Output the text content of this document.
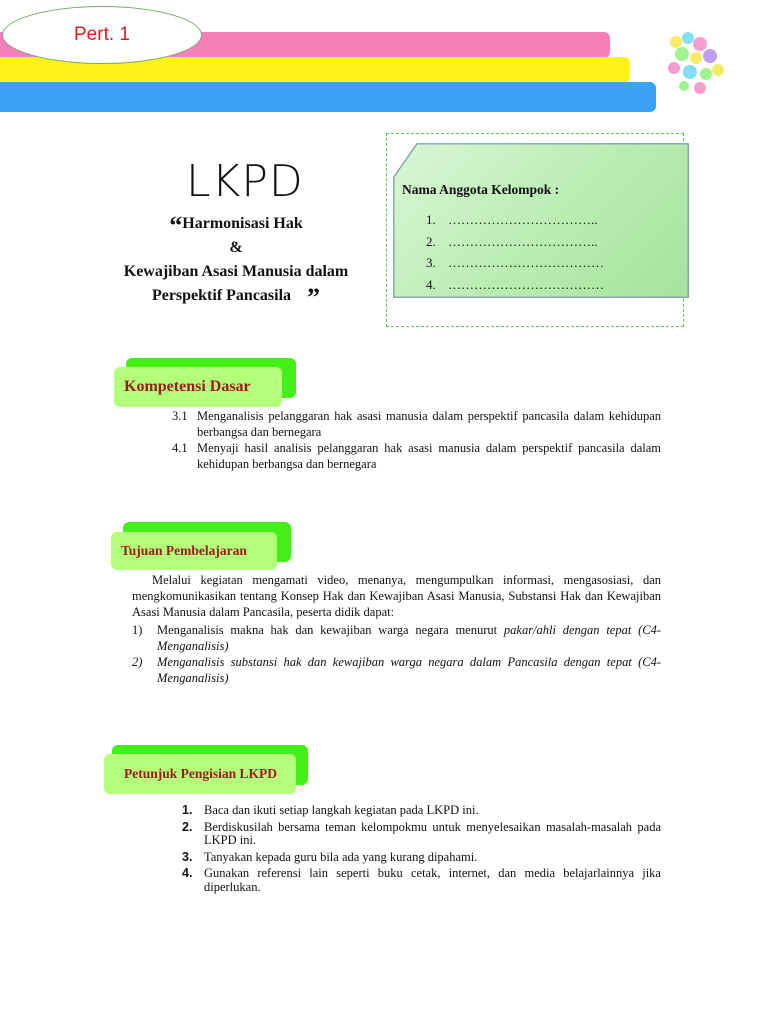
Pert. 1
LKPD
“Harmonisasi Hak
&
Kewajiban Asasi Manusia dalam
Perspektif Pancasila ”
Nama Anggota Kelompok :
1. ……………………………..
2. ……………………………..
3. ………………………………
4. ………………………………
Kompetensi Dasar
3.1 Menganalisis pelanggaran hak asasi manusia dalam perspektif pancasila dalam kehidupan berbangsa dan bernegara
4.1 Menyaji hasil analisis pelanggaran hak asasi manusia dalam perspektif pancasila dalam kehidupan berbangsa dan bernegara
Tujuan Pembelajaran
Melalui kegiatan mengamati video, menanya, mengumpulkan informasi, mengasosiasi, dan mengkomunikasikan tentang Konsep Hak dan Kewajiban Asasi Manusia, Substansi Hak dan Kewajiban Asasi Manusia dalam Pancasila, peserta didik dapat:
1)	Menganalisis makna hak dan kewajiban warga negara menurut pakar/ahli dengan tepat (C4-Menganalisis)
2)	Menganalisis substansi hak dan kewajiban warga negara dalam Pancasila dengan tepat (C4-Menganalisis)
Petunjuk Pengisian LKPD
1. Baca dan ikuti setiap langkah kegiatan pada LKPD ini.
2. Berdiskusilah bersama teman kelompokmu untuk menyelesaikan masalah-masalah pada LKPD ini.
3. Tanyakan kepada guru bila ada yang kurang dipahami.
4. Gunakan referensi lain seperti buku cetak, internet, dan media belajarlainnya jika diperlukan.
